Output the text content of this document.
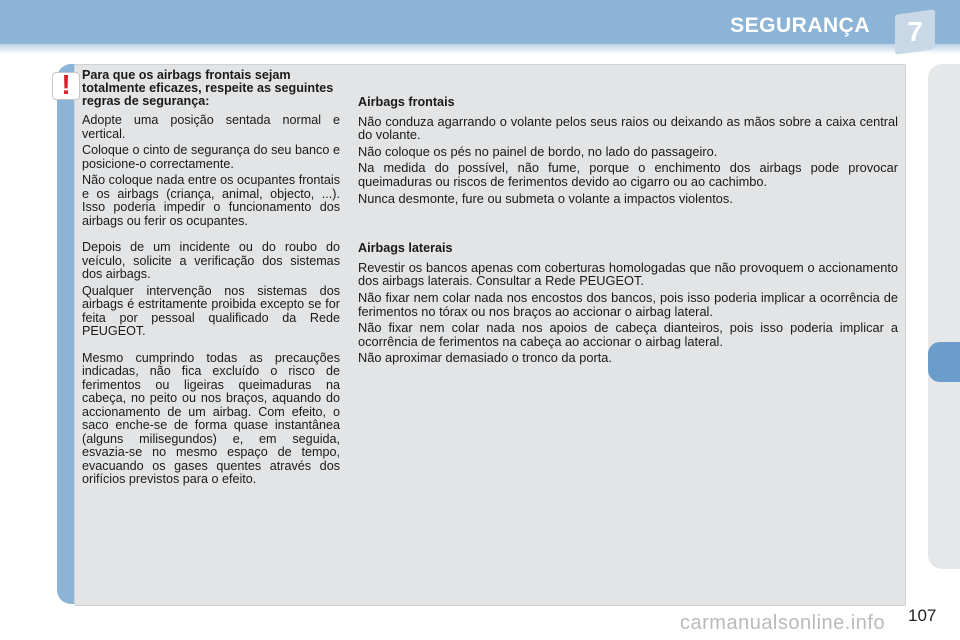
SEGURANÇA	7
! Para que os airbags frontais sejam totalmente eficazes, respeite as seguintes regras de segurança:

Adopte uma posição sentada normal e vertical.

Coloque o cinto de segurança do seu banco e posicione-o correctamente.

Não coloque nada entre os ocupantes frontais e os airbags (criança, animal, objecto, ...). Isso poderia impedir o funcionamento dos airbags ou ferir os ocupantes.

Depois de um incidente ou do roubo do veículo, solicite a verificação dos sistemas dos airbags.

Qualquer intervenção nos sistemas dos airbags é estritamente proibida excepto se for feita por pessoal qualificado da Rede PEUGEOT.

Mesmo cumprindo todas as precauções indicadas, não fica excluído o risco de ferimentos ou ligeiras queimaduras na cabeça, no peito ou nos braços, aquando do accionamento de um airbag. Com efeito, o saco enche-se de forma quase instantânea (alguns milisegundos) e, em seguida, esvazia-se no mesmo espaço de tempo, evacuando os gases quentes através dos orifícios previstos para o efeito.

Airbags frontais

Não conduza agarrando o volante pelos seus raios ou deixando as mãos sobre a caixa central do volante.

Não coloque os pés no painel de bordo, no lado do passageiro.

Na medida do possível, não fume, porque o enchimento dos airbags pode provocar queimaduras ou riscos de ferimentos devido ao cigarro ou ao cachimbo.

Nunca desmonte, fure ou submeta o volante a impactos violentos.

Airbags laterais

Revestir os bancos apenas com coberturas homologadas que não provoquem o accionamento dos airbags laterais. Consultar a Rede PEUGEOT.

Não fixar nem colar nada nos encostos dos bancos, pois isso poderia implicar a ocorrência de ferimentos no tórax ou nos braços ao accionar o airbag lateral.

Não fixar nem colar nada nos apoios de cabeça dianteiros, pois isso poderia implicar a ocorrência de ferimentos na cabeça ao accionar o airbag lateral.

Não aproximar demasiado o tronco da porta.

carmanualsonline.info 107
